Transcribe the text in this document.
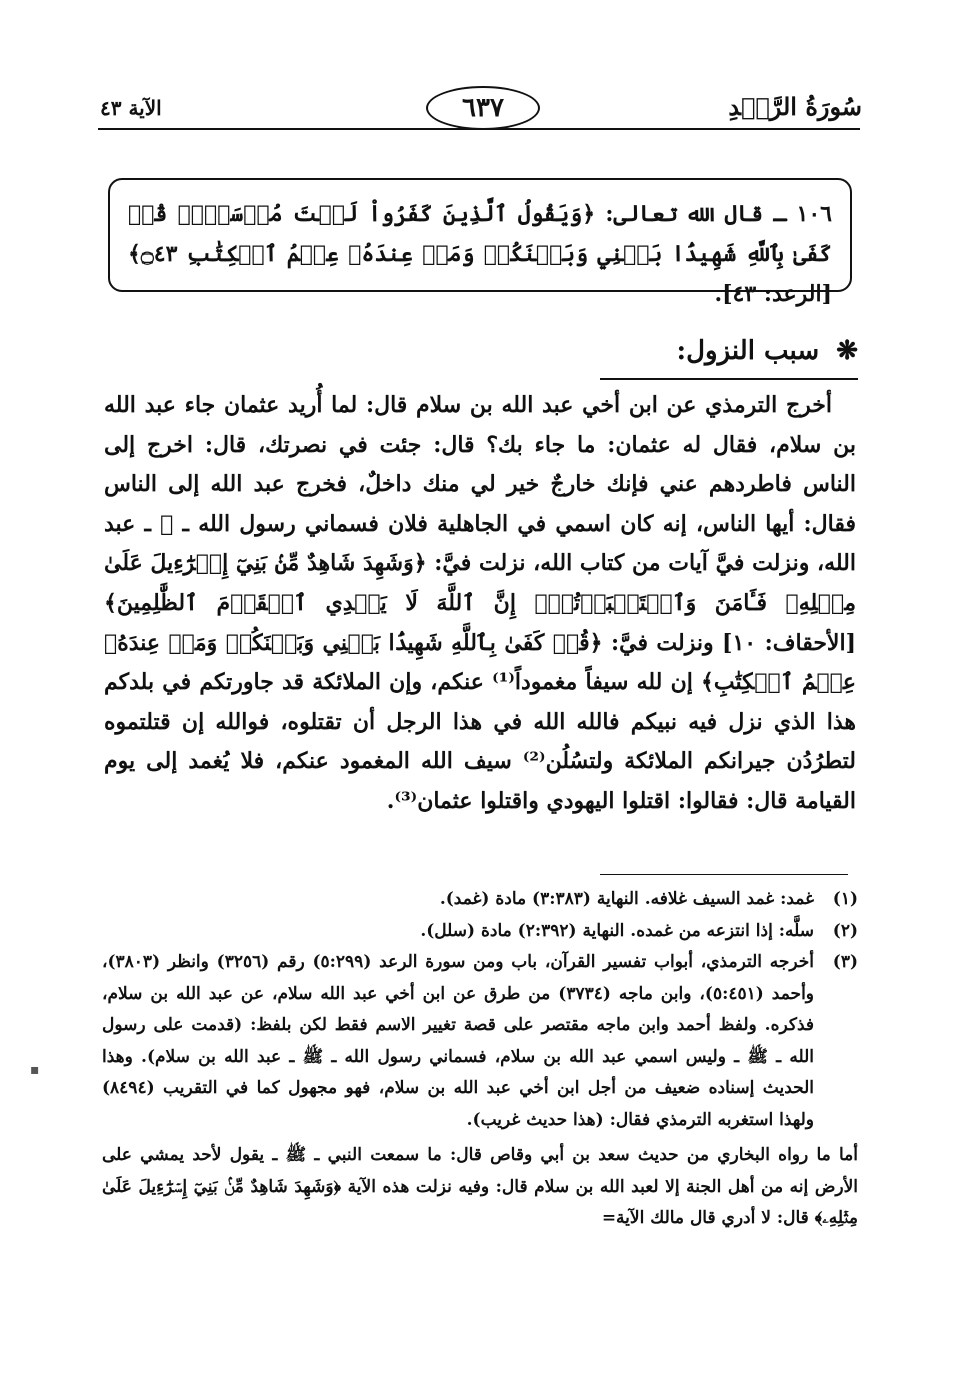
سُورَةُ الرَّعۡدِ
٦٣٧
الآية ٤٣
١٠٦ ـ قال الله تعالى: ﴿وَيَقُولُ ٱلَّذِينَ كَفَرُواْ لَسۡتَ مُرۡسَلٗاۚ قُلۡ كَفَىٰ بِٱللَّهِ شَهِيدَۢا بَيۡنِي وَبَيۡنَكُمۡ وَمَنۡ عِندَهُۥ عِلۡمُ ٱلۡكِتَٰبِ ۝٤٣﴾ [الرعد: ٤٣].
❋ سبب النزول:

أخرج الترمذي عن ابن أخي عبد الله بن سلام قال: لما أُريد عثمان جاء عبد الله بن سلام، فقال له عثمان: ما جاء بك؟ قال: جئت في نصرتك، قال: اخرج إلى الناس فاطردهم عني فإنك خارجٌ خير لي منك داخلٌ، فخرج عبد الله إلى الناس فقال: أيها الناس، إنه كان اسمي في الجاهلية فلان فسماني رسول الله ـ ﷺ ـ عبد الله، ونزلت فيَّ آيات من كتاب الله، نزلت فيَّ: ﴿وَشَهِدَ شَاهِدٌ مِّنۢ بَنِيٓ إِسۡرَٰٓءِيلَ عَلَىٰ مِثۡلِهِۦ فَـَٔامَنَ وَٱسۡتَكۡبَرۡتُمۡۖ إِنَّ ٱللَّهَ لَا يَهۡدِي ٱلۡقَوۡمَ ٱلظَّٰلِمِينَ﴾ [الأحقاف: ١٠] ونزلت فيَّ: ﴿قُلۡ كَفَىٰ بِٱللَّهِ شَهِيدَۢا بَيۡنِي وَبَيۡنَكُمۡ وَمَنۡ عِندَهُۥ عِلۡمُ ٱلۡكِتَٰبِ﴾ إن لله سيفاً مغموداً⁽¹⁾ عنكم، وإن الملائكة قد جاورتكم في بلدكم هذا الذي نزل فيه نبيكم فالله الله في هذا الرجل أن تقتلوه، فوالله إن قتلتموه لتطرُدُن جيرانكم الملائكة ولتسُلُن⁽²⁾ سيف الله المغمود عنكم، فلا يُغمد إلى يوم القيامة قال: فقالوا: اقتلوا اليهودي واقتلوا عثمان⁽³⁾.

(١)
غمد: غمد السيف غلافه. النهاية (٣:٣٨٣) مادة (غمد).
(٢)
سلَّه: إذا انتزعه من غمده. النهاية (٢:٣٩٢) مادة (سلل).
(٣)
أخرجه الترمذي، أبواب تفسير القرآن، باب ومن سورة الرعد (٥:٢٩٩) رقم (٣٢٥٦) وانظر (٣٨٠٣)، وأحمد (٥:٤٥١)، وابن ماجه (٣٧٣٤) من طرق عن ابن أخي عبد الله سلام، عن عبد الله بن سلام، فذكره. ولفظ أحمد وابن ماجه مقتصر على قصة تغيير الاسم فقط لكن بلفظ: (قدمت على رسول الله ـ ﷺ ـ وليس اسمي عبد الله بن سلام، فسماني رسول الله ـ ﷺ ـ عبد الله بن سلام). وهذا الحديث إسناده ضعيف من أجل ابن أخي عبد الله بن سلام، فهو مجهول كما في التقريب (٨٤٩٤) ولهذا استغربه الترمذي فقال: (هذا حديث غريب).

أما ما رواه البخاري من حديث سعد بن أبي وقاص قال: ما سمعت النبي ـ ﷺ ـ يقول لأحد يمشي على الأرض إنه من أهل الجنة إلا لعبد الله بن سلام قال: وفيه نزلت هذه الآية ﴿وَشَهِدَ شَاهِدٌ مِّنۢ بَنِيٓ إِسۡرَٰٓءِيلَ عَلَىٰ مِثۡلِهِۦ﴾ قال: لا أدري قال مالك الآية=

▪
